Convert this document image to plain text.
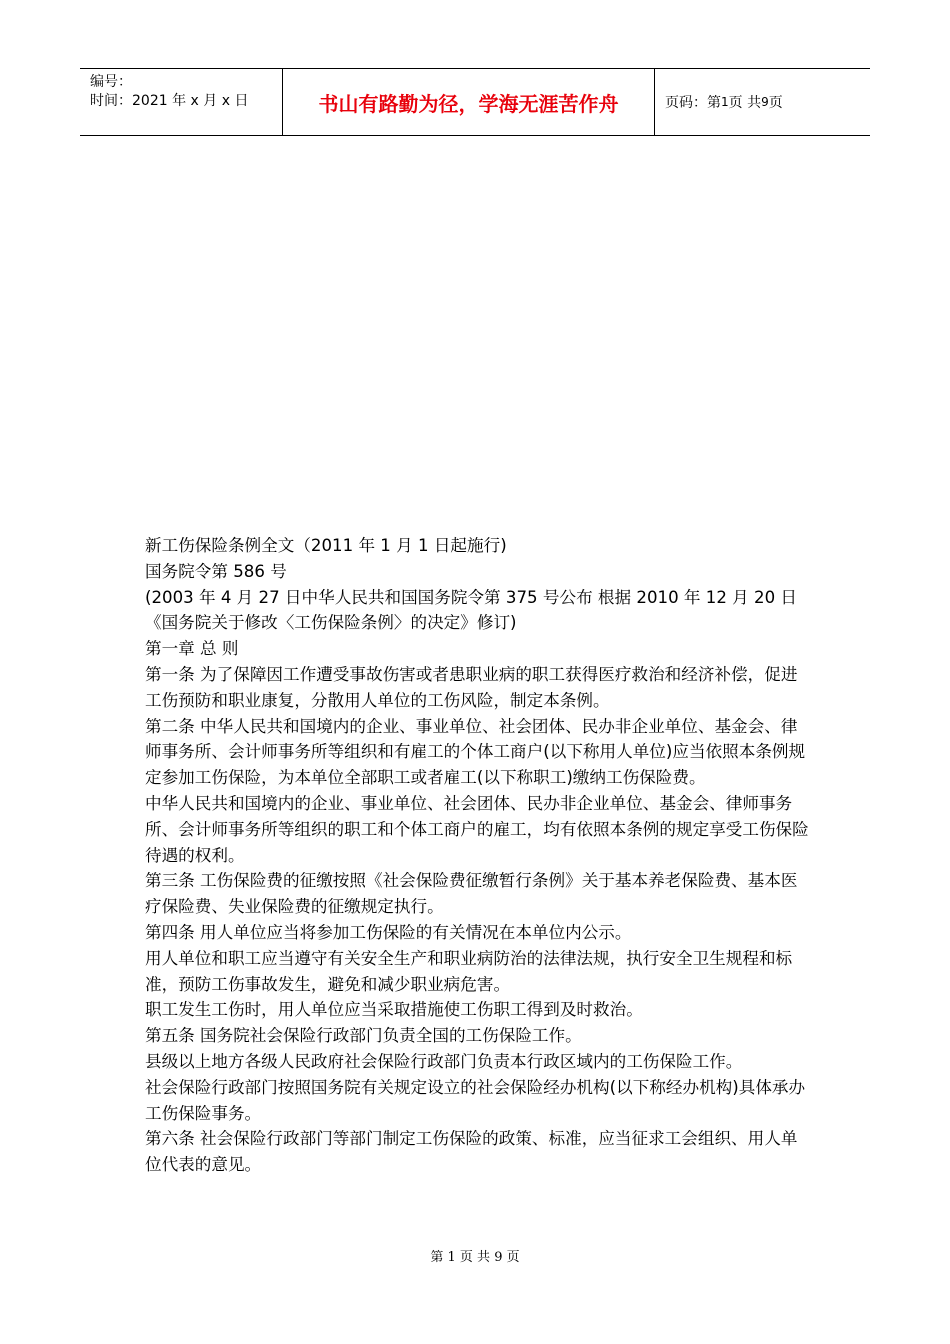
编号：
时间：2021 年 x 月 x 日	书山有路勤为径，学海无涯苦作舟	页码：第 1 页 共 9 页

新工伤保险条例全文（2011 年 1 月 1 日起施行)

国务院令第 586 号

(2003 年 4 月 27 日中华人民共和国国务院令第 375 号公布 根据 2010 年 12 月 20 日《国务院关于修改〈工伤保险条例〉的决定》修订)

第一章 总 则

第一条 为了保障因工作遭受事故伤害或者患职业病的职工获得医疗救治和经济补偿，促进工伤预防和职业康复，分散用人单位的工伤风险，制定本条例。

第二条 中华人民共和国境内的企业、事业单位、社会团体、民办非企业单位、基金会、律师事务所、会计师事务所等组织和有雇工的个体工商户(以下称用人单位)应当依照本条例规定参加工伤保险，为本单位全部职工或者雇工(以下称职工)缴纳工伤保险费。

中华人民共和国境内的企业、事业单位、社会团体、民办非企业单位、基金会、律师事务所、会计师事务所等组织的职工和个体工商户的雇工，均有依照本条例的规定享受工伤保险待遇的权利。

第三条 工伤保险费的征缴按照《社会保险费征缴暂行条例》关于基本养老保险费、基本医疗保险费、失业保险费的征缴规定执行。

第四条 用人单位应当将参加工伤保险的有关情况在本单位内公示。

用人单位和职工应当遵守有关安全生产和职业病防治的法律法规，执行安全卫生规程和标准，预防工伤事故发生，避免和减少职业病危害。

职工发生工伤时，用人单位应当采取措施使工伤职工得到及时救治。

第五条 国务院社会保险行政部门负责全国的工伤保险工作。

县级以上地方各级人民政府社会保险行政部门负责本行政区域内的工伤保险工作。

社会保险行政部门按照国务院有关规定设立的社会保险经办机构(以下称经办机构)具体承办工伤保险事务。

第六条 社会保险行政部门等部门制定工伤保险的政策、标准，应当征求工会组织、用人单位代表的意见。

第 1 页 共 9 页
